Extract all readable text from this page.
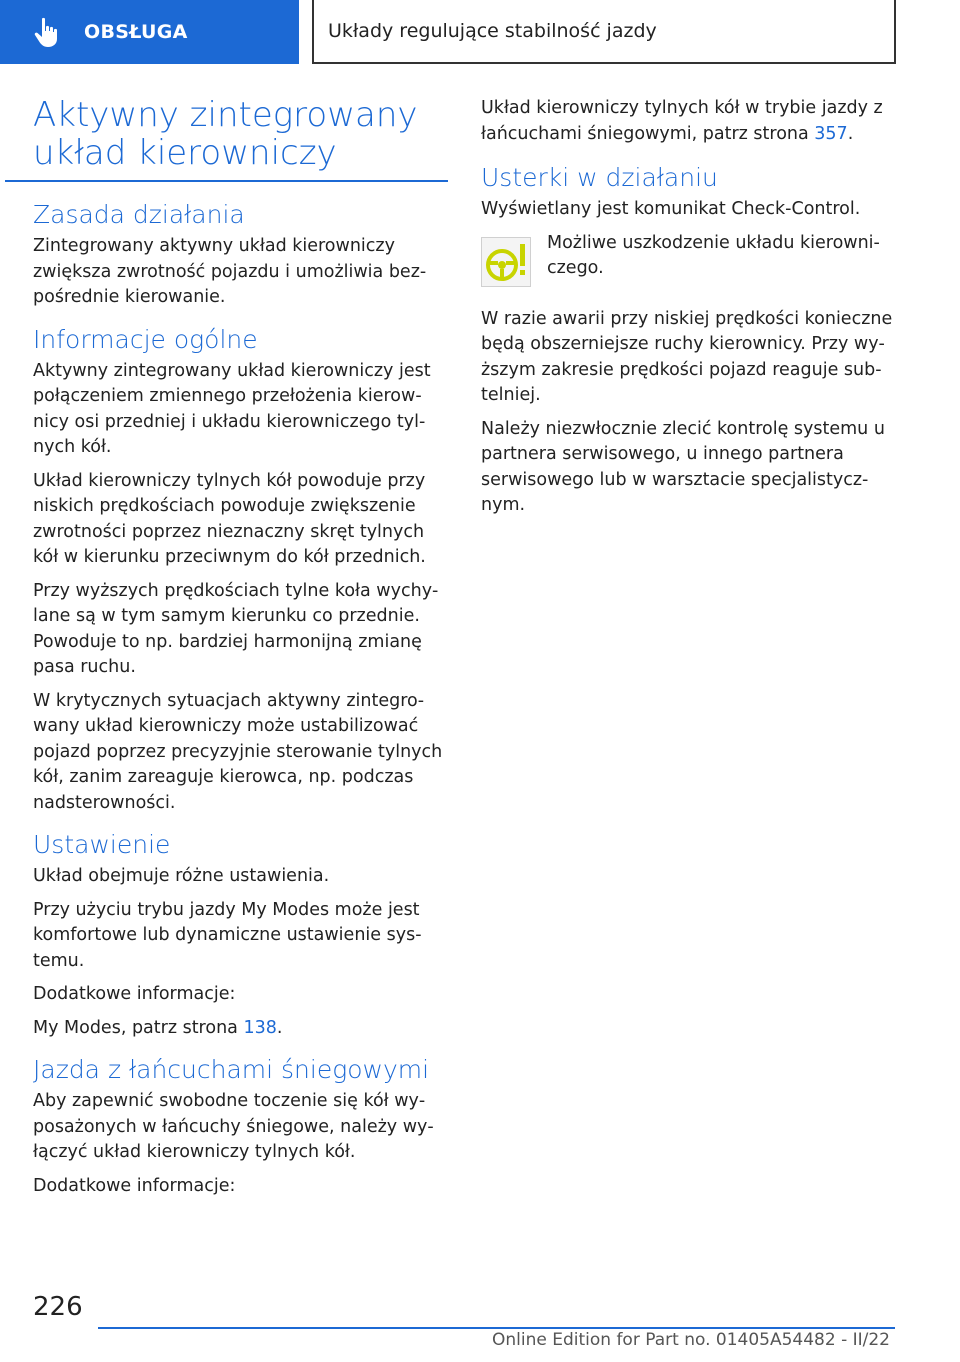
OBSŁUGA	Układy regulujące stabilność jazdy
Aktywny zintegrowany układ kierowniczy
Zasada działania

Zintegrowany aktywny układ kierowniczy zwiększa zwrotność pojazdu i umożliwia bez‐pośrednie kierowanie.

Informacje ogólne

Aktywny zintegrowany układ kierowniczy jest połączeniem zmiennego przełożenia kierow‐nicy osi przedniej i układu kierowniczego tyl‐nych kół.

Układ kierowniczy tylnych kół powoduje przy niskich prędkościach powoduje zwiększenie zwrotności poprzez nieznaczny skręt tylnych kół w kierunku przeciwnym do kół przednich.

Przy wyższych prędkościach tylne koła wychy‐lane są w tym samym kierunku co przednie. Powoduje to np. bardziej harmonijną zmianę pasa ruchu.

W krytycznych sytuacjach aktywny zintegro‐wany układ kierowniczy może ustabilizować pojazd poprzez precyzyjnie sterowanie tylnych kół, zanim zareaguje kierowca, np. podczas nadsterowności.

Ustawienie

Układ obejmuje różne ustawienia.

Przy użyciu trybu jazdy My Modes może jest komfortowe lub dynamiczne ustawienie sys‐temu.

Dodatkowe informacje:

My Modes, patrz strona 138.

Jazda z łańcuchami śniegowymi

Aby zapewnić swobodne toczenie się kół wy‐posażonych w łańcuchy śniegowe, należy wy‐łączyć układ kierowniczy tylnych kół.

Dodatkowe informacje:

Układ kierowniczy tylnych kół w trybie jazdy z łańcuchami śniegowymi, patrz strona 357.

Usterki w działaniu

Wyświetlany jest komunikat Check-Control.

Możliwe uszkodzenie układu kierowni‐czego.

W razie awarii przy niskiej prędkości konieczne będą obszerniejsze ruchy kierownicy. Przy wy‐ższym zakresie prędkości pojazd reaguje sub‐telniej.

Należy niezwłocznie zlecić kontrolę systemu u partnera serwisowego, u innego partnera serwisowego lub w warsztacie specjalistycz‐nym.

226
Online Edition for Part no. 01405A54482 - II/22
